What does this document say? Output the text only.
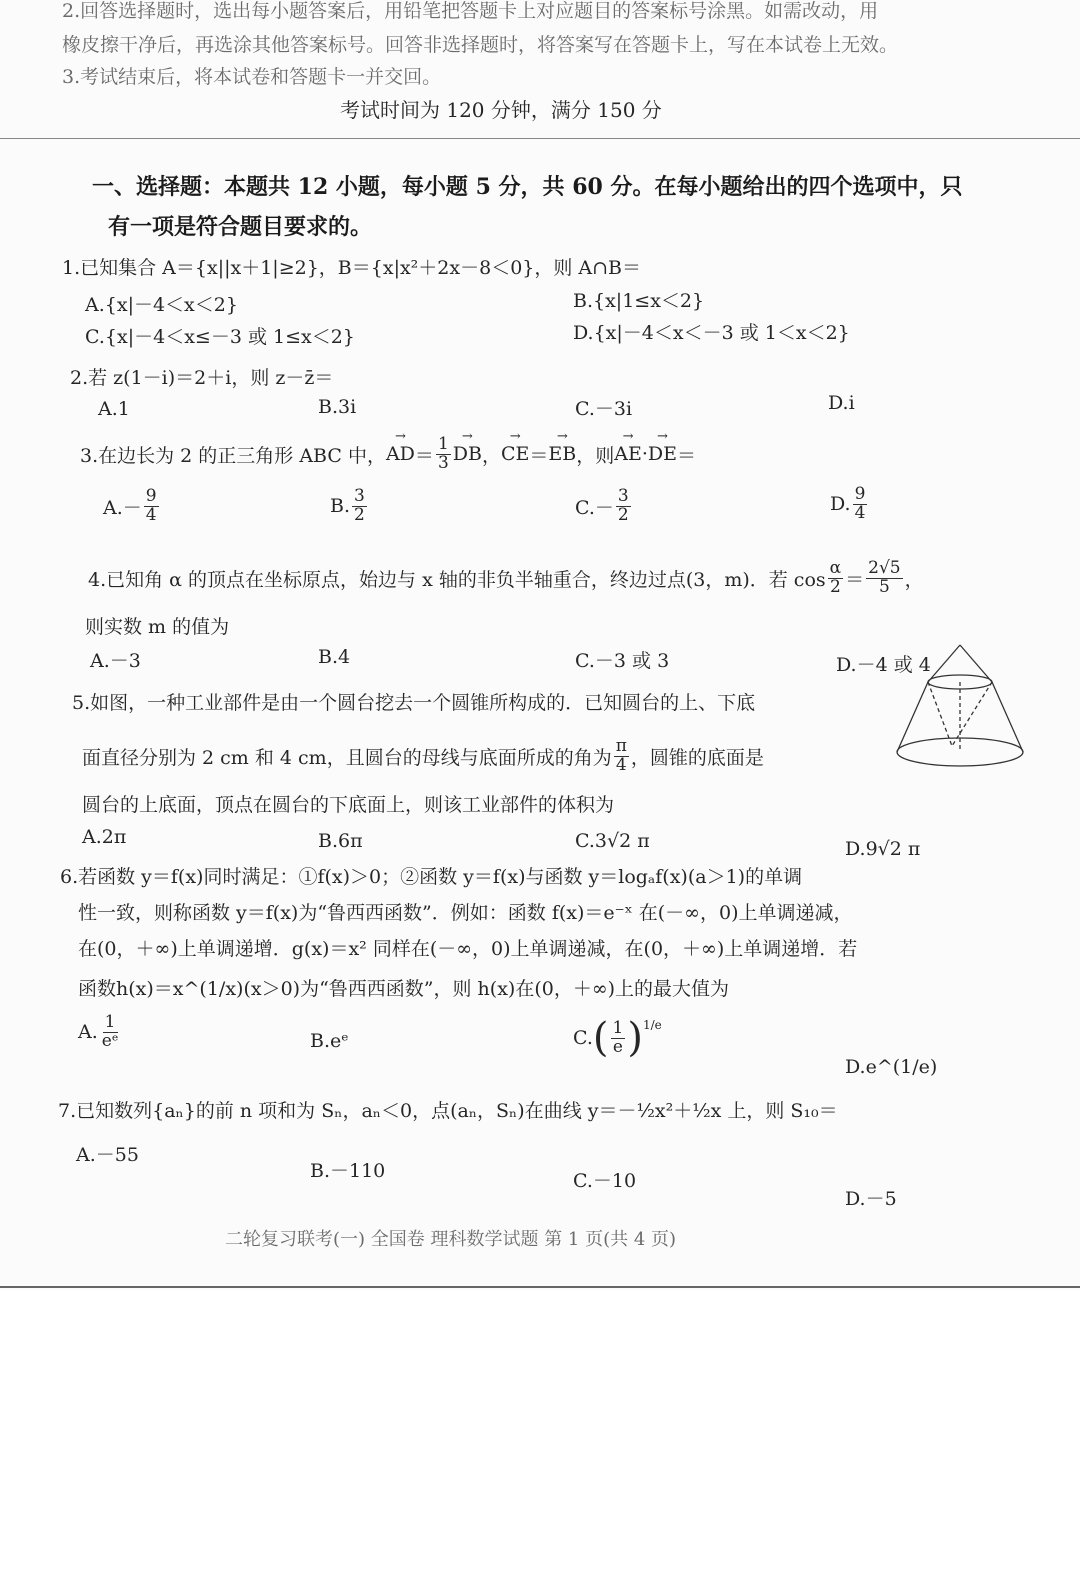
2.回答选择题时，选出每小题答案后，用铅笔把答题卡上对应题目的答案标号涂黑。如需改动，用
橡皮擦干净后，再选涂其他答案标号。回答非选择题时，将答案写在答题卡上，写在本试卷上无效。
3.考试结束后，将本试卷和答题卡一并交回。
考试时间为 120 分钟，满分 150 分
一、选择题：本题共 12 小题，每小题 5 分，共 60 分。在每小题给出的四个选项中，只
有一项是符合题目要求的。
1.已知集合 A＝{x||x＋1|≥2}，B＝{x|x²＋2x－8＜0}，则 A∩B＝
A.{x|－4＜x＜2}	B.{x|1≤x＜2}
C.{x|－4＜x≤－3 或 1≤x＜2}	D.{x|－4＜x＜－3 或 1＜x＜2}
2.若 z(1－i)＝2＋i，则 z－z̄＝
A.1	B.3i	C.－3i	D.i
3.在边长为 2 的正三角形 ABC 中， → AD ＝ $\frac{1}{3}$ → DB ， → CE ＝ → EB ，则 → AE · → DE ＝
$A.- \frac{9}{4}$	B. $\frac{3}{2}$	$C.- \frac{3}{2}$	D. $\frac{9}{4}$
4.已知角 α 的顶点在坐标原点，始边与 x 轴的非负半轴重合，终边过点(3，m)．若 $\cos \frac{\alpha}{2} = \frac{2√5}{5}$ ，
则实数 m 的值为
A.－3	B.4	C.－3 或 3	D.－4 或 4
5.如图，一种工业部件是由一个圆台挖去一个圆锥所构成的．已知圆台的上、下底
面直径分别为 2 cm 和 4 cm，且圆台的母线与底面所成的角为 $\frac{\pi}{4}$ ，圆锥的底面是
圆台的上底面，顶点在圆台的下底面上，则该工业部件的体积为
A.2π	B.6π	C.3√2 π	D.9√2 π
6.若函数 y＝f(x)同时满足：①f(x)＞0；②函数 y＝f(x)与函数 y＝logₐf(x)(a＞1)的单调
性一致，则称函数 y＝f(x)为“鲁西西函数”．例如：函数 f(x)＝e⁻ˣ 在(－∞，0)上单调递减，
在(0，＋∞)上单调递增．g(x)＝x² 同样在(－∞，0)上单调递减，在(0，＋∞)上单调递增．若
函数h(x)＝x^(1/x)(x＞0)为“鲁西西函数”，则 h(x)在(0，＋∞)上的最大值为
A. $\frac{1}{\text{eᵉ}}$	B.eᵉ	C. ( $\frac{1}{e} )^{1/e}$
D.e^(1/e)
7.已知数列{aₙ}的前 n 项和为 Sₙ，aₙ＜0，点(aₙ，Sₙ)在曲线 y＝－½x²＋½x 上，则 S₁₀＝
A.－55
B.－110	C.－10
D.－5
二轮复习联考(一) 全国卷 理科数学试题 第 1 页(共 4 页)
